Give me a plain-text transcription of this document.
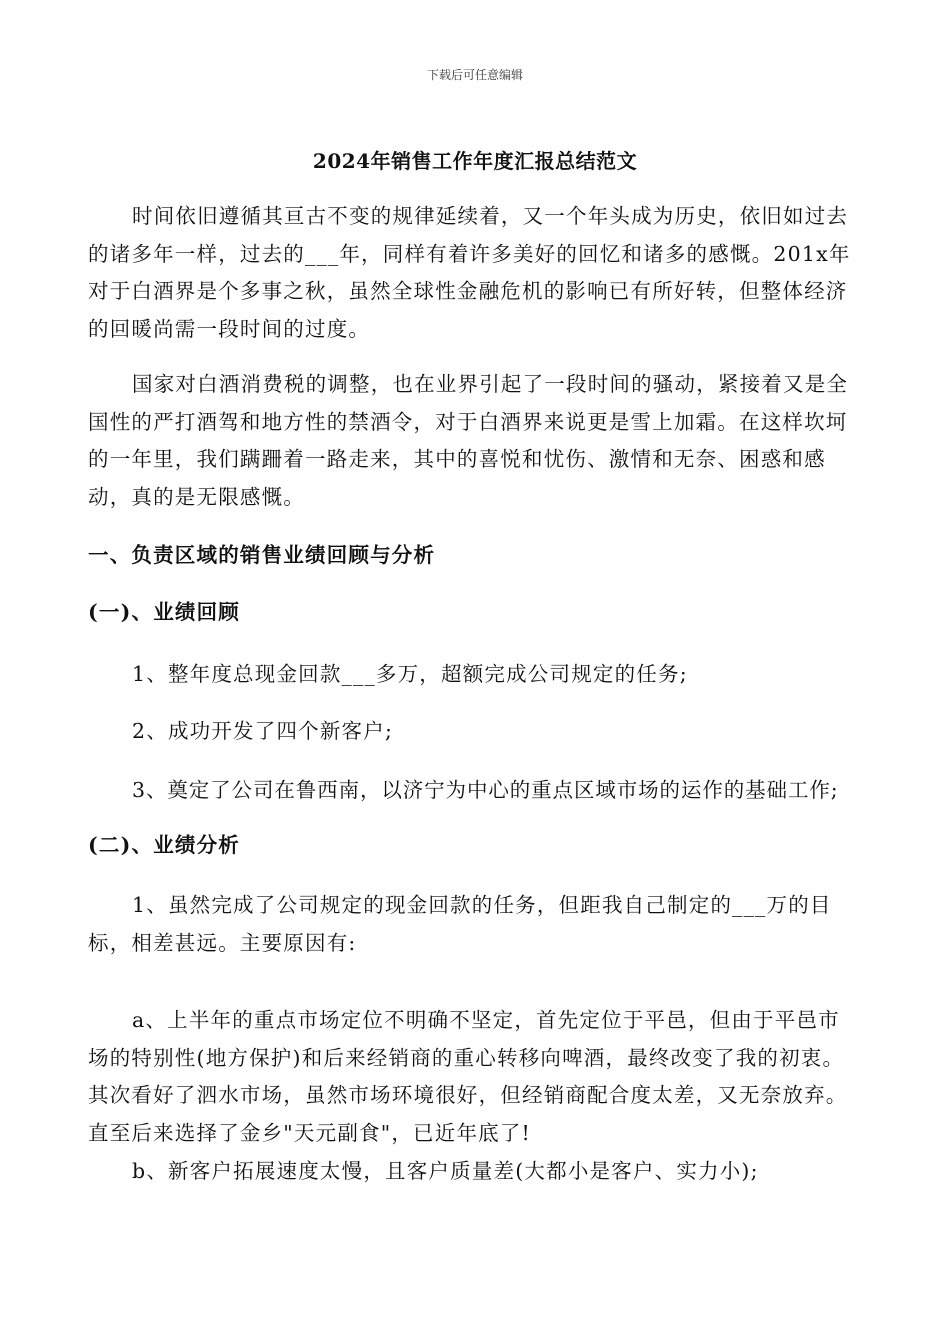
下载后可任意编辑
2024年销售工作年度汇报总结范文

时间依旧遵循其亘古不变的规律延续着，又一个年头成为历史，依旧如过去的诸多年一样，过去的___年，同样有着许多美好的回忆和诸多的感慨。201x年对于白酒界是个多事之秋，虽然全球性金融危机的影响已有所好转，但整体经济的回暖尚需一段时间的过度。

国家对白酒消费税的调整，也在业界引起了一段时间的骚动，紧接着又是全国性的严打酒驾和地方性的禁酒令，对于白酒界来说更是雪上加霜。在这样坎坷的一年里，我们蹒跚着一路走来，其中的喜悦和忧伤、激情和无奈、困惑和感动，真的是无限感慨。

一、负责区域的销售业绩回顾与分析

(一)、业绩回顾

1、整年度总现金回款___多万，超额完成公司规定的任务;

2、成功开发了四个新客户;

3、奠定了公司在鲁西南，以济宁为中心的重点区域市场的运作的基础工作;

(二)、业绩分析

1、虽然完成了公司规定的现金回款的任务，但距我自己制定的___万的目标，相差甚远。主要原因有:

a、上半年的重点市场定位不明确不坚定，首先定位于平邑，但由于平邑市场的特别性(地方保护)和后来经销商的重心转移向啤酒，最终改变了我的初衷。其次看好了泗水市场，虽然市场环境很好，但经销商配合度太差，又无奈放弃。直至后来选择了金乡"天元副食"，已近年底了!

b、新客户拓展速度太慢，且客户质量差(大都小是客户、实力小);
